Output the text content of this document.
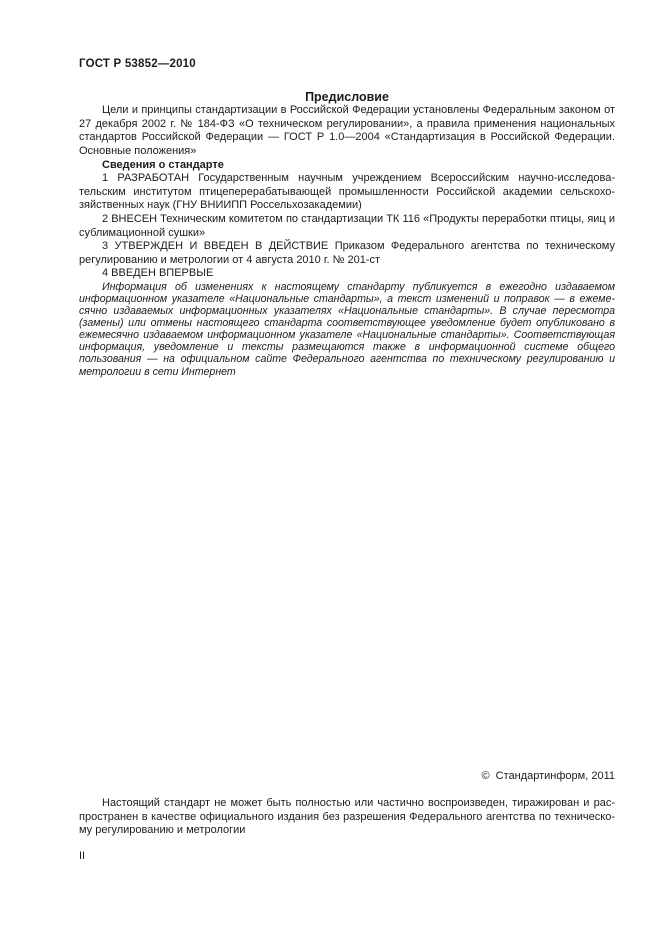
ГОСТ Р 53852—2010
Предисловие

Цели и принципы стандартизации в Российской Федерации установлены Федеральным законом от 27 декабря 2002 г. № 184-ФЗ «О техническом регулировании», а правила применения национальных стандартов Российской Федерации — ГОСТ Р 1.0—2004 «Стандартизация в Российской Федерации. Основные положения»

Сведения о стандарте

1 РАЗРАБОТАН Государственным научным учреждением Всероссийским научно-исследовательским институтом птицеперерабатывающей промышленности Российской академии сельскохозяйственных наук (ГНУ ВНИИПП Россельхозакадемии)

2 ВНЕСЕН Техническим комитетом по стандартизации ТК 116 «Продукты переработки птицы, яиц и сублимационной сушки»

3 УТВЕРЖДЕН И ВВЕДЕН В ДЕЙСТВИЕ Приказом Федерального агентства по техническому регулированию и метрологии от 4 августа 2010 г. № 201-ст

4 ВВЕДЕН ВПЕРВЫЕ

Информация об изменениях к настоящему стандарту публикуется в ежегодно издаваемом информационном указателе «Национальные стандарты», а текст изменений и поправок — в ежемесячно издаваемых информационных указателях «Национальные стандарты». В случае пересмотра (замены) или отмены настоящего стандарта соответствующее уведомление будет опубликовано в ежемесячно издаваемом информационном указателе «Национальные стандарты». Соответствующая информация, уведомление и тексты размещаются также в информационной системе общего пользования — на официальном сайте Федерального агентства по техническому регулированию и метрологии в сети Интернет

©  Стандартинформ, 2011

Настоящий стандарт не может быть полностью или частично воспроизведен, тиражирован и распространен в качестве официального издания без разрешения Федерального агентства по техническому регулированию и метрологии

II
